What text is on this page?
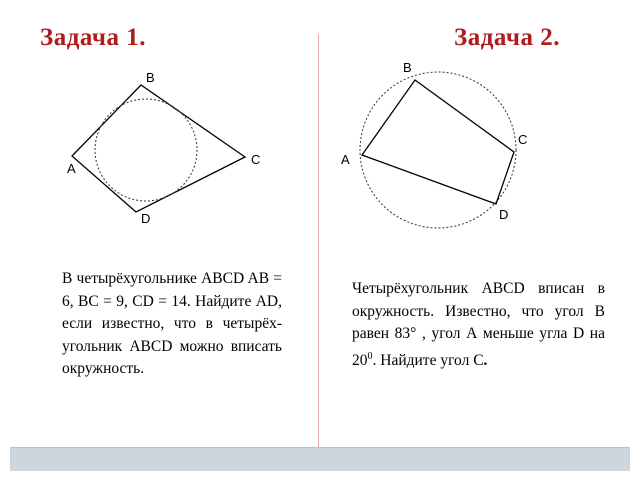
Задача 1.	Задача 2.
B
C
A
D
B
C
A
D
В четырёхугольнике ABCD AB = 6, BC = 9, CD = 14. Найдите AD, если известно, что в четырёх-угольник ABCD можно вписать окружность.
Четырёхугольник ABCD вписан в окружность. Известно, что угол В равен 83° , угол А меньше угла D на $20^0$. Найдите угол С.
